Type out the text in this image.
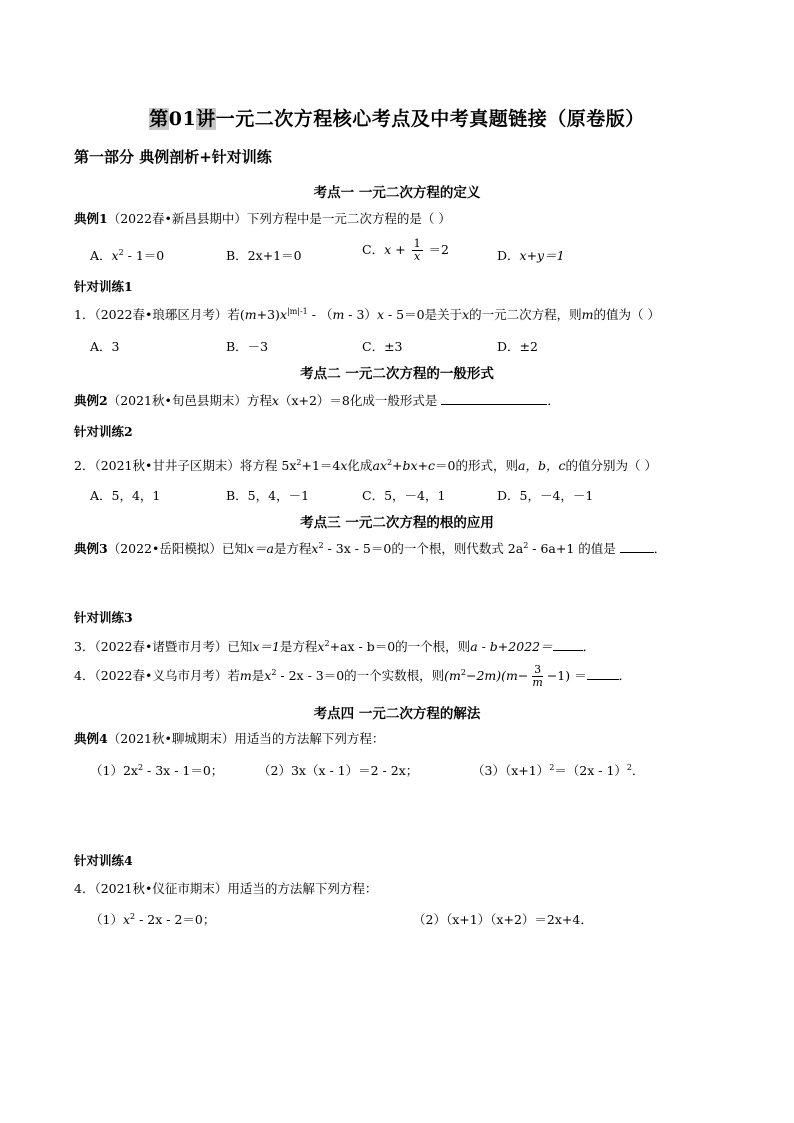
第01讲一元二次方程核心考点及中考真题链接（原卷版）
第一部分 典例剖析+针对训练
考点一 一元二次方程的定义
典例1（2022春•新昌县期中）下列方程中是一元二次方程的是（ ）
A．$x^2 - 1=0$	B．2x+1＝0	C．$x + \frac{1}{x} =2$	D．x+y＝1
针对训练1
1．（2022春•琅琊区月考）若$(m+3)x^{|m|-1} - (m - 3)x - 5=0$是关于x的一元二次方程，则m的值为（ ）
A．3	B．－3	C．±3	D．±2
考点二 一元二次方程的一般形式
典例2（2021秋•旬邑县期末）方程x（x+2）＝8化成一般形式是	．
针对训练2
2．（2021秋•甘井子区期末）将方程 $5x^2+1=4x$化成$ax^2+bx+c=0$的形式，则a，b，c的值分别为（ ）
A．5，4，1	B．5，4，－1	C．5，－4，1	D．5，－4，－1
考点三 一元二次方程的根的应用
典例3（2022•岳阳模拟）已知x＝a是方程$x^2 - 3x - 5=0$的一个根，则代数式 $2a^2 - 6a+1$ 的值是	．
针对训练3
3．（2022春•诸暨市月考）已知x＝1是方程$x^2+ax - b=0$的一个根，则a - b+2022＝ ．
4．（2022春•义乌市月考）若m是$x^2 - 2x - 3=0$的一个实数根，则$(m^2-2m)(m- \frac{3}{m} -1)$ ＝	．
考点四 一元二次方程的解法
典例4（2021秋•聊城期末）用适当的方法解下列方程：
$(1)2x^2 - 3x - 1=0$；	（2）3x（x - 1）＝2 - 2x；	$(3)(x+1)^2=(2x - 1)^2$．
针对训练4
4．（2021秋•仪征市期末）用适当的方法解下列方程：
$(1)x^2 - 2x - 2=0$；	（2）（x+1）（x+2）＝2x+4．
